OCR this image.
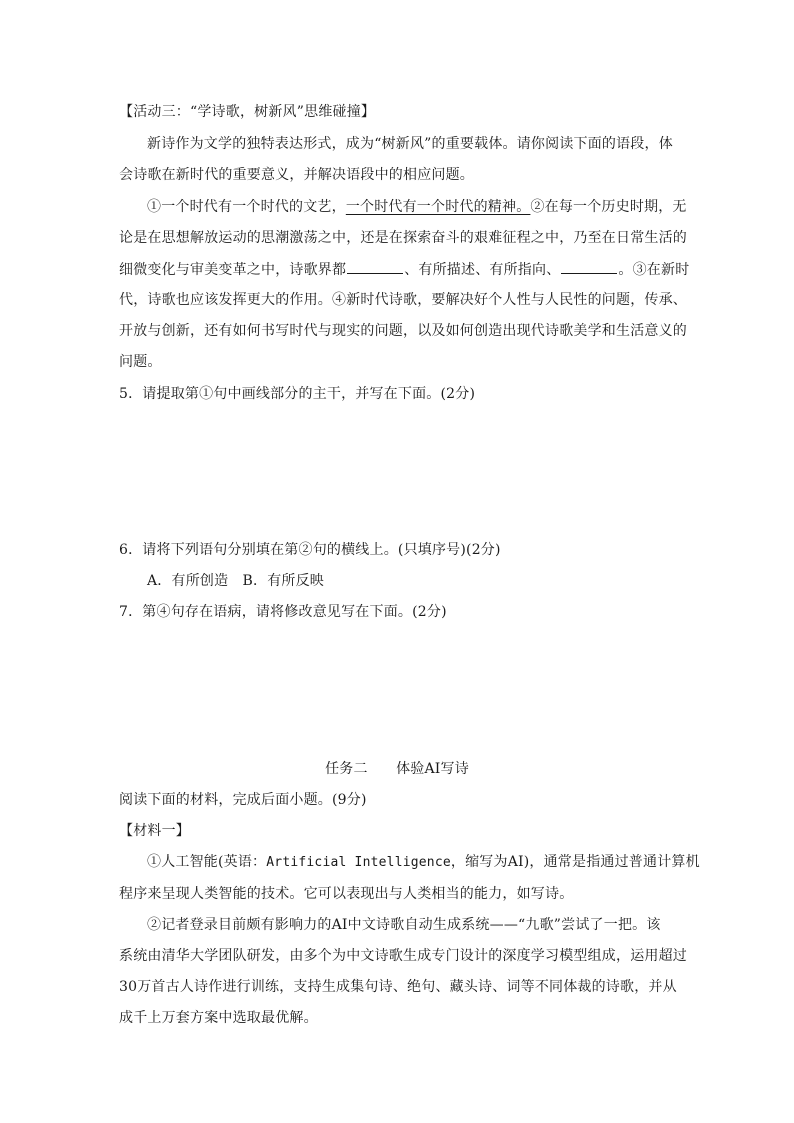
【活动三：“学诗歌，树新风”思维碰撞】
新诗作为文学的独特表达形式，成为“树新风”的重要载体。请你阅读下面的语段，体
会诗歌在新时代的重要意义，并解决语段中的相应问题。
①一个时代有一个时代的文艺，一个时代有一个时代的精神。②在每一个历史时期，无
论是在思想解放运动的思潮激荡之中，还是在探索奋斗的艰难征程之中，乃至在日常生活的
细微变化与审美变革之中，诗歌界都	、有所描述、有所指向、	。③在新时
代，诗歌也应该发挥更大的作用。④新时代诗歌，要解决好个人性与人民性的问题，传承、
开放与创新，还有如何书写时代与现实的问题，以及如何创造出现代诗歌美学和生活意义的
问题。
5．请提取第①句中画线部分的主干，并写在下面。(2分)
6．请将下列语句分别填在第②句的横线上。(只填序号)(2分)
A．有所创造　B．有所反映
7．第④句存在语病，请将修改意见写在下面。(2分)
任务二　　体验AI写诗
阅读下面的材料，完成后面小题。(9分)
【材料一】
①人工智能(英语：Artificial Intelligence，缩写为AI)，通常是指通过普通计算机
程序来呈现人类智能的技术。它可以表现出与人类相当的能力，如写诗。
②记者登录目前颇有影响力的AI中文诗歌自动生成系统——“九歌”尝试了一把。该
系统由清华大学团队研发，由多个为中文诗歌生成专门设计的深度学习模型组成，运用超过
30万首古人诗作进行训练，支持生成集句诗、绝句、藏头诗、词等不同体裁的诗歌，并从
成千上万套方案中选取最优解。
